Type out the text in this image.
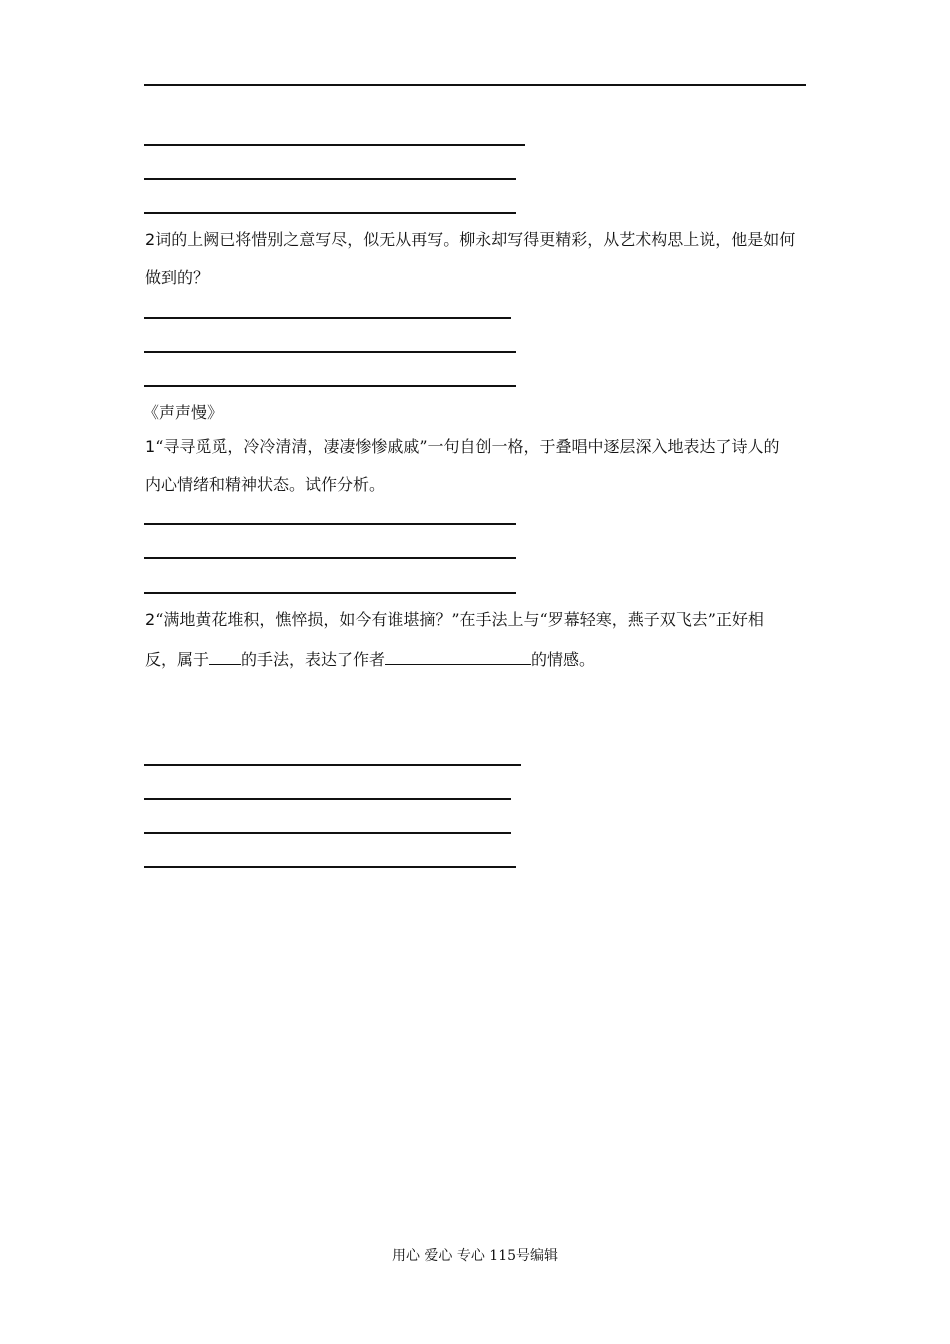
2词的上阙已将惜别之意写尽，似无从再写。柳永却写得更精彩，从艺术构思上说，他是如何
做到的？
《声声慢》
1“寻寻觅觅，冷冷清清，凄凄惨惨戚戚”一句自创一格，于叠唱中逐层深入地表达了诗人的
内心情绪和精神状态。试作分析。
2“满地黄花堆积，憔悴损，如今有谁堪摘？”在手法上与“罗幕轻寒，燕子双飞去”正好相
反，属于 的手法，表达了作者	的情感。
用心 爱心 专心 115号编辑
